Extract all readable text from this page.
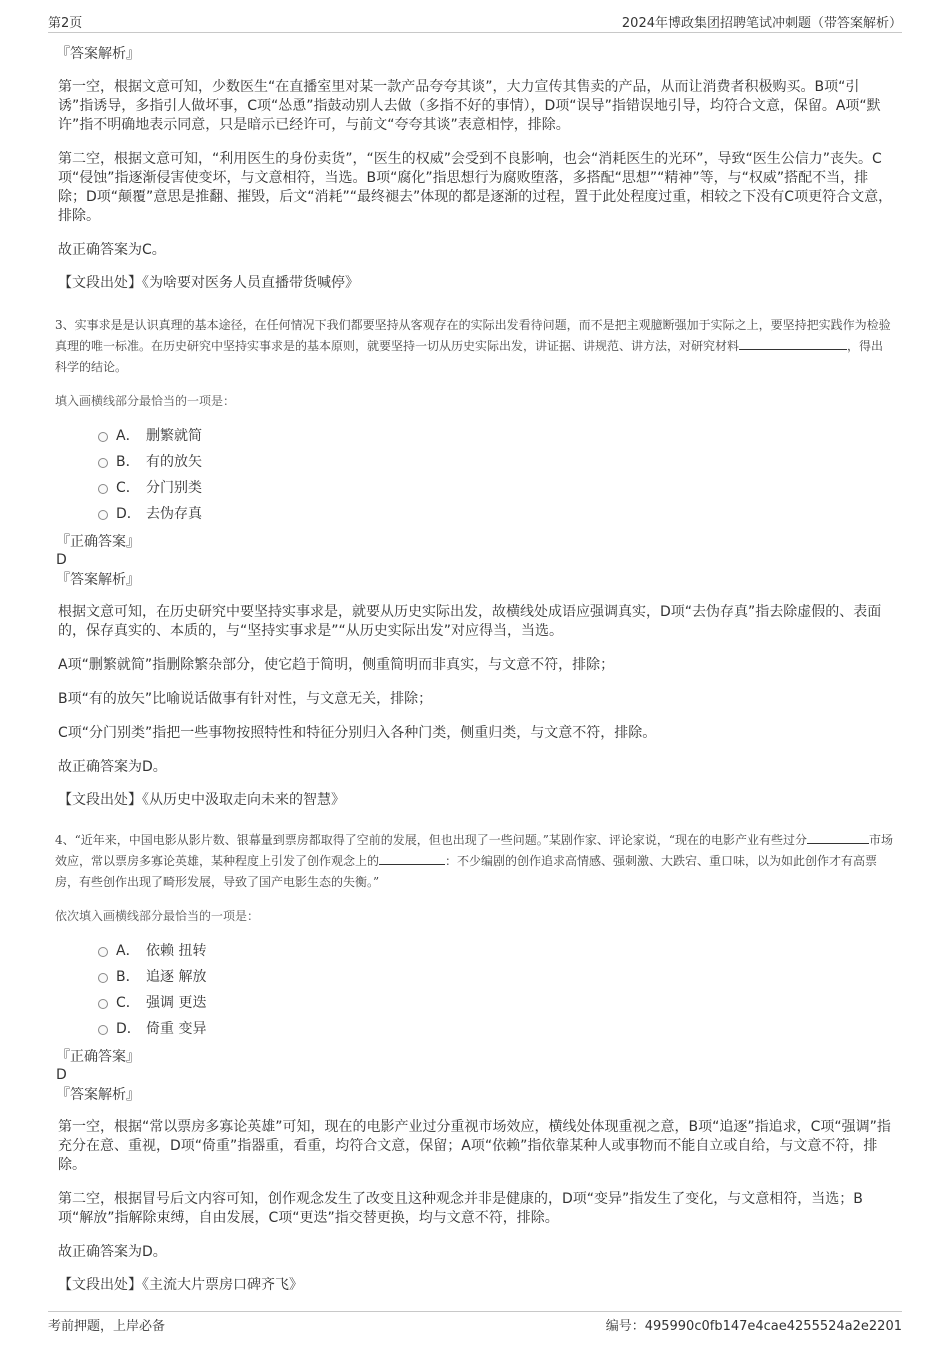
第2页	2024年博政集团招聘笔试冲刺题（带答案解析）
『答案解析』

第一空，根据文意可知，少数医生“在直播室里对某一款产品夸夸其谈”，大力宣传其售卖的产品，从而让消费者积极购买。B项“引诱”指诱导，多指引人做坏事，C项“怂恿”指鼓动别人去做（多指不好的事情），D项“误导”指错误地引导，均符合文意，保留。A项“默许”指不明确地表示同意，只是暗示已经许可，与前文“夸夸其谈”表意相悖，排除。

第二空，根据文意可知，“利用医生的身份卖货”，“医生的权威”会受到不良影响，也会“消耗医生的光环”，导致“医生公信力”丧失。C项“侵蚀”指逐渐侵害使变坏，与文意相符，当选。B项“腐化”指思想行为腐败堕落，多搭配“思想”“精神”等，与“权威”搭配不当，排除；D项“颠覆”意思是推翻、摧毁，后文“消耗”“最终褪去”体现的都是逐渐的过程，置于此处程度过重，相较之下没有C项更符合文意，排除。

故正确答案为C。

【文段出处】《为啥要对医务人员直播带货喊停》

3、实事求是是认识真理的基本途径，在任何情况下我们都要坚持从客观存在的实际出发看待问题，而不是把主观臆断强加于实际之上，要坚持把实践作为检验真理的唯一标准。在历史研究中坚持实事求是的基本原则，就要坚持一切从历史实际出发，讲证据、讲规范、讲方法，对研究材料	，得出科学的结论。
填入画横线部分最恰当的一项是：
A． 删繁就简
B． 有的放矢
C． 分门别类
D． 去伪存真
『正确答案』
D
『答案解析』

根据文意可知，在历史研究中要坚持实事求是，就要从历史实际出发，故横线处成语应强调真实，D项“去伪存真”指去除虚假的、表面的，保存真实的、本质的，与“坚持实事求是”“从历史实际出发”对应得当，当选。

A项“删繁就简”指删除繁杂部分，使它趋于简明，侧重简明而非真实，与文意不符，排除；

B项“有的放矢”比喻说话做事有针对性，与文意无关，排除；

C项“分门别类”指把一些事物按照特性和特征分别归入各种门类，侧重归类，与文意不符，排除。

故正确答案为D。

【文段出处】《从历史中汲取走向未来的智慧》

4、“近年来，中国电影从影片数、银幕量到票房都取得了空前的发展，但也出现了一些问题。”某剧作家、评论家说，“现在的电影产业有些过分	市场效应，常以票房多寡论英雄，某种程度上引发了创作观念上的	：不少编剧的创作追求高情感、强刺激、大跌宕、重口味，以为如此创作才有高票房，有些创作出现了畸形发展，导致了国产电影生态的失衡。”
依次填入画横线部分最恰当的一项是：
A． 依赖 扭转
B． 追逐 解放
C． 强调 更迭
D． 倚重 变异
『正确答案』
D
『答案解析』

第一空，根据“常以票房多寡论英雄”可知，现在的电影产业过分重视市场效应，横线处体现重视之意，B项“追逐”指追求，C项“强调”指充分在意、重视，D项“倚重”指器重，看重，均符合文意，保留；A项“依赖”指依靠某种人或事物而不能自立或自给，与文意不符，排除。

第二空，根据冒号后文内容可知，创作观念发生了改变且这种观念并非是健康的，D项“变异”指发生了变化，与文意相符，当选；B项“解放”指解除束缚，自由发展，C项“更迭”指交替更换，均与文意不符，排除。

故正确答案为D。

【文段出处】《主流大片票房口碑齐飞》

考前押题，上岸必备	编号：495990c0fb147e4cae4255524a2e2201
